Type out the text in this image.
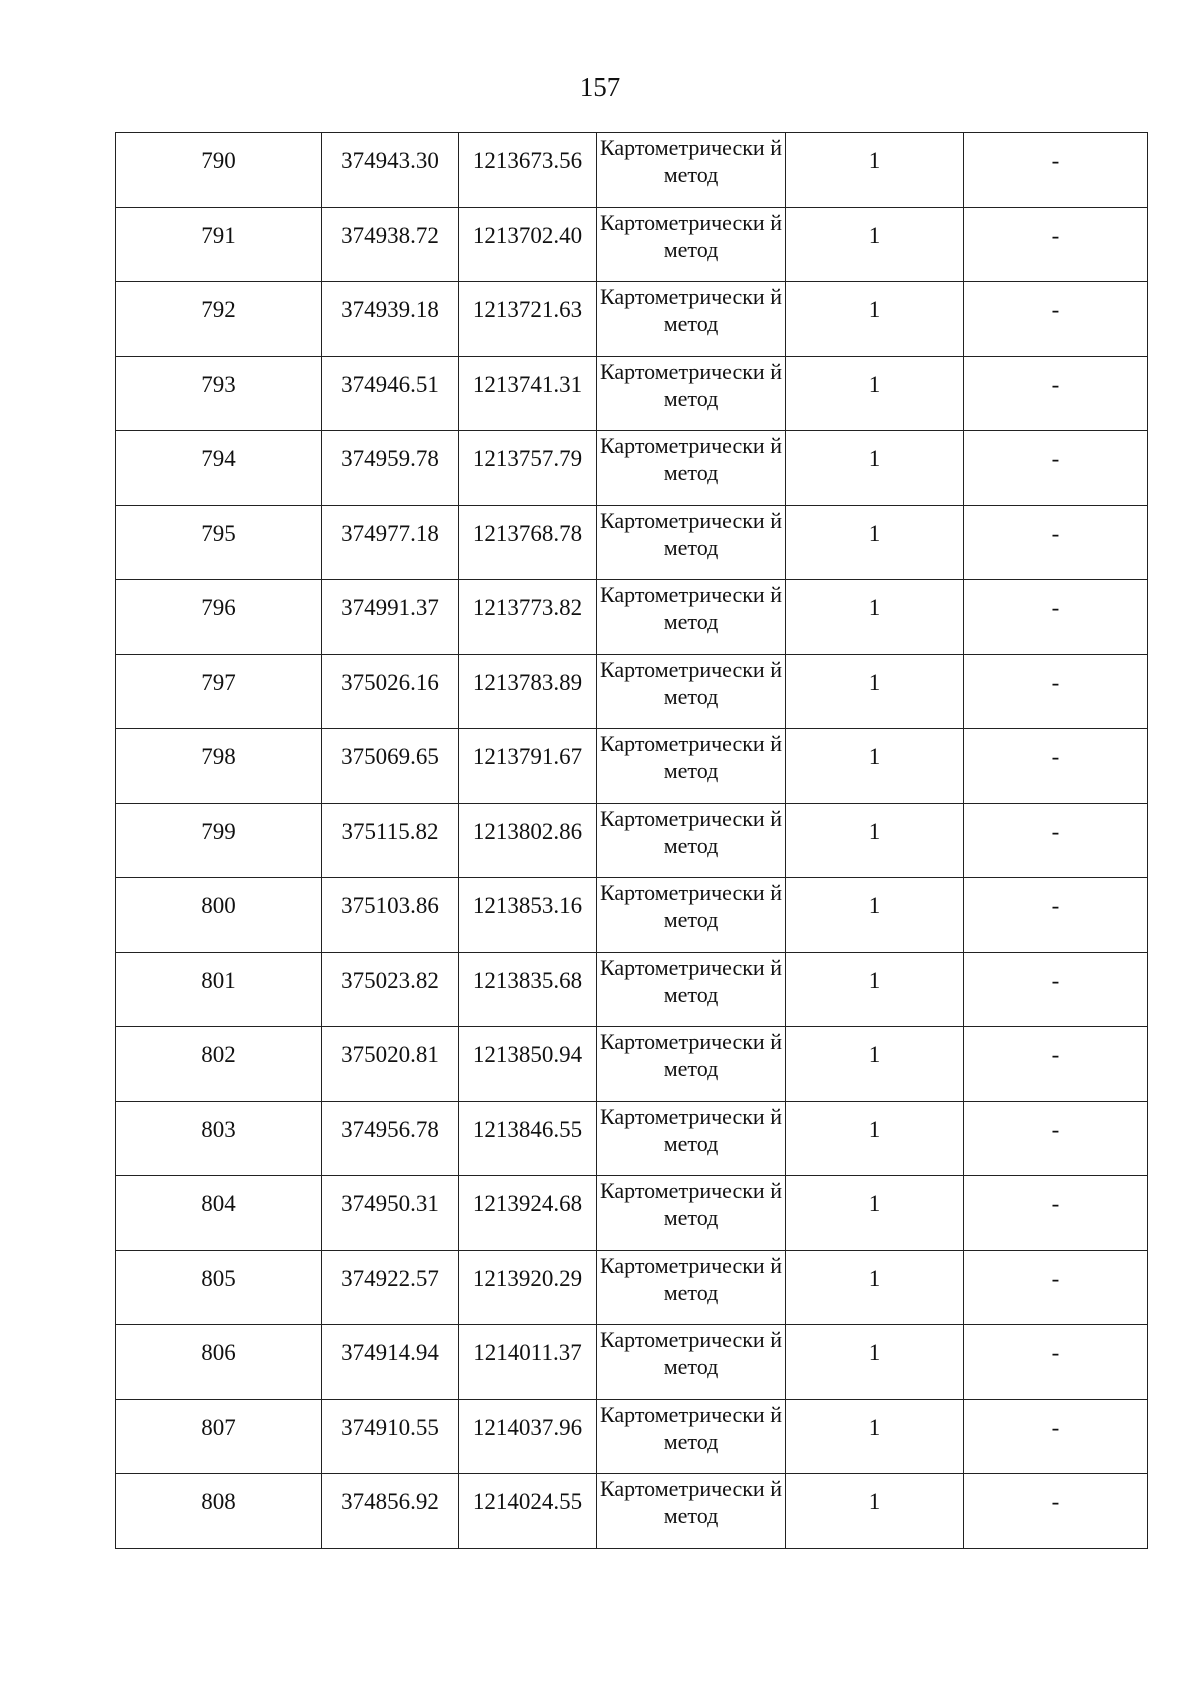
157
790	374943.30	1213673.56	Картометрически й метод	1	-
791	374938.72	1213702.40	Картометрически й метод	1	-
792	374939.18	1213721.63	Картометрически й метод	1	-
793	374946.51	1213741.31	Картометрически й метод	1	-
794	374959.78	1213757.79	Картометрически й метод	1	-
795	374977.18	1213768.78	Картометрически й метод	1	-
796	374991.37	1213773.82	Картометрически й метод	1	-
797	375026.16	1213783.89	Картометрически й метод	1	-
798	375069.65	1213791.67	Картометрически й метод	1	-
799	375115.82	1213802.86	Картометрически й метод	1	-
800	375103.86	1213853.16	Картометрически й метод	1	-
801	375023.82	1213835.68	Картометрически й метод	1	-
802	375020.81	1213850.94	Картометрически й метод	1	-
803	374956.78	1213846.55	Картометрически й метод	1	-
804	374950.31	1213924.68	Картометрически й метод	1	-
805	374922.57	1213920.29	Картометрически й метод	1	-
806	374914.94	1214011.37	Картометрически й метод	1	-
807	374910.55	1214037.96	Картометрически й метод	1	-
808	374856.92	1214024.55	Картометрически й метод	1	-
